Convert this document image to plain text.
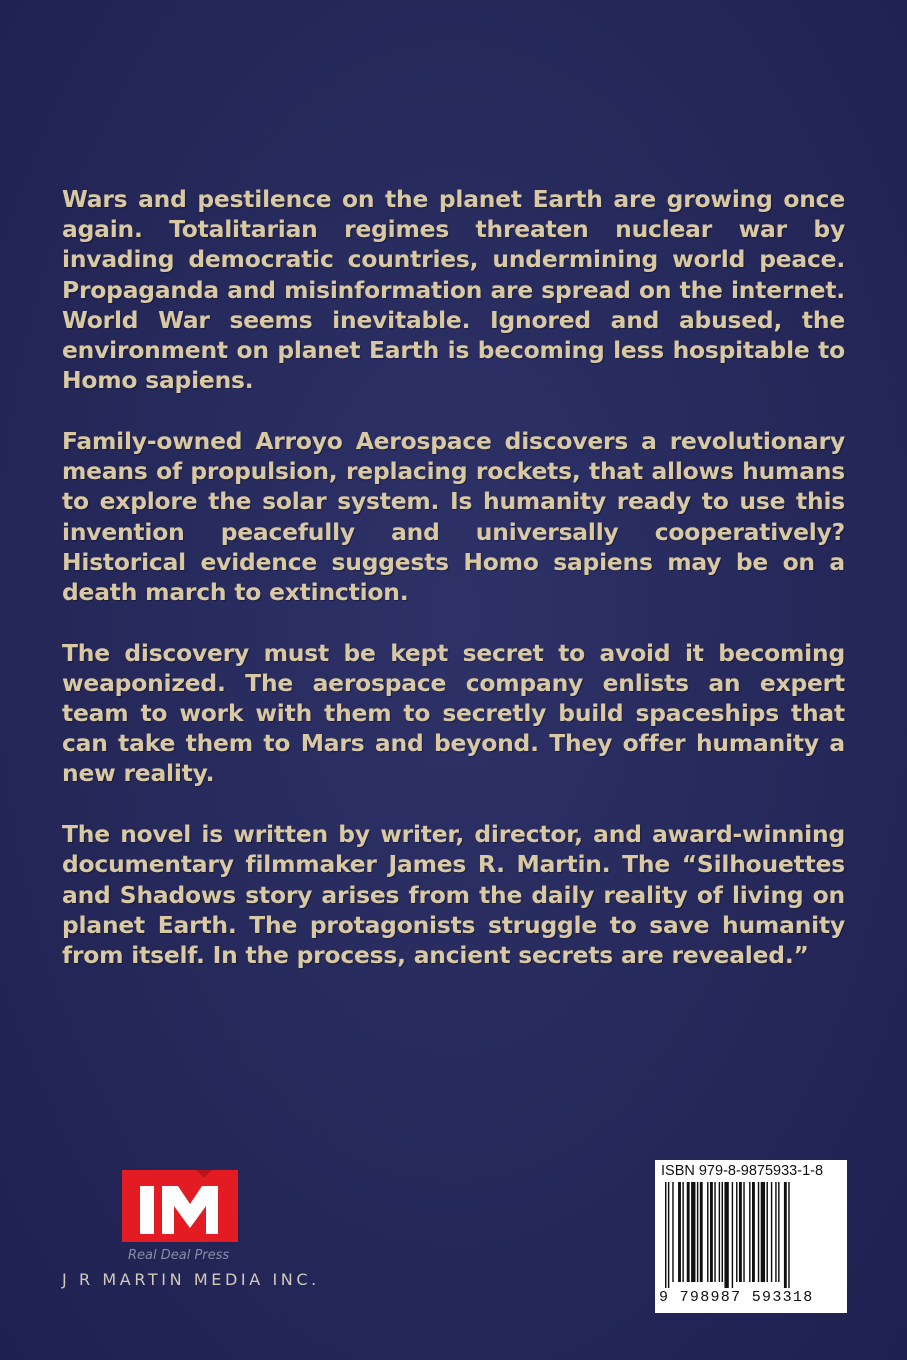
Wars and pestilence on the planet Earth are growing once again. Totalitarian regimes threaten nuclear war by invading democratic countries, undermining world peace. Propaganda and misinformation are spread on the internet. World War seems inevitable. Ignored and abused, the environment on planet Earth is becoming less hospitable to Homo sapiens.

Family-owned Arroyo Aerospace discovers a revolutionary means of propulsion, replacing rockets, that allows humans to explore the solar system. Is humanity ready to use this invention peacefully and universally cooperatively? Historical evidence suggests Homo sapiens may be on a death march to extinction.

The discovery must be kept secret to avoid it becoming weaponized. The aerospace company enlists an expert team to work with them to secretly build spaceships that can take them to Mars and beyond. They offer humanity a new reality.

The novel is written by writer, director, and award-winning documentary filmmaker James R. Martin. The “Silhouettes and Shadows story arises from the daily reality of living on planet Earth. The protagonists struggle to save humanity from itself. In the process, ancient secrets are revealed.”

Real Deal Press
J R MARTIN MEDIA INC.
ISBN 979-8-9875933-1-8
9 798987 593318
